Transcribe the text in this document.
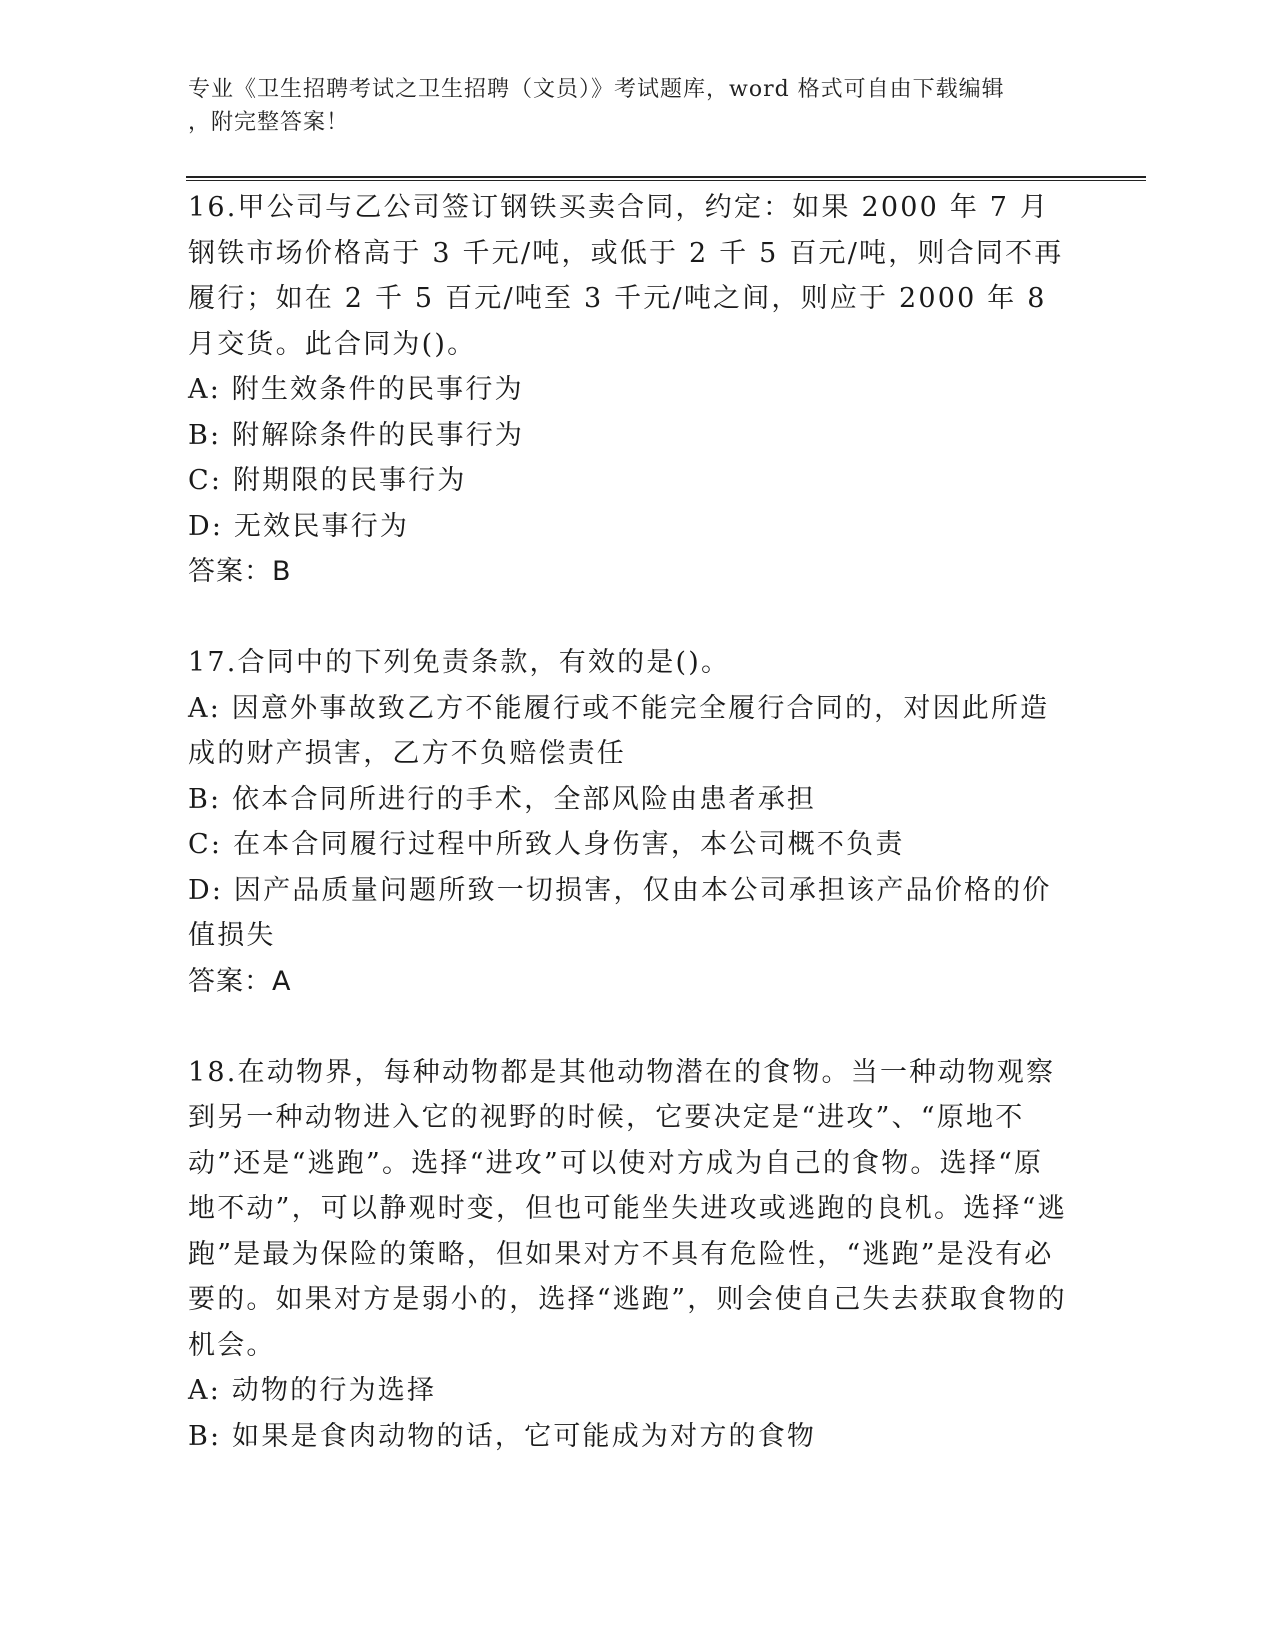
专业《卫生招聘考试之卫生招聘（文员）》考试题库，word 格式可自由下载编辑
，附完整答案！

16.甲公司与乙公司签订钢铁买卖合同，约定：如果 2000 年 7 月钢铁市场价格高于 3 千元/吨，或低于 2 千 5 百元/吨，则合同不再履行；如在 2 千 5 百元/吨至 3 千元/吨之间，则应于 2000 年 8 月交货。此合同为()。

A: 附生效条件的民事行为

B: 附解除条件的民事行为

C: 附期限的民事行为

D: 无效民事行为

答案：B

17.合同中的下列免责条款，有效的是()。

A: 因意外事故致乙方不能履行或不能完全履行合同的，对因此所造成的财产损害，乙方不负赔偿责任

B: 依本合同所进行的手术，全部风险由患者承担

C: 在本合同履行过程中所致人身伤害，本公司概不负责

D: 因产品质量问题所致一切损害，仅由本公司承担该产品价格的价值损失

答案：A

18.在动物界，每种动物都是其他动物潜在的食物。当一种动物观察到另一种动物进入它的视野的时候，它要决定是“进攻”、“原地不动”还是“逃跑”。选择“进攻”可以使对方成为自己的食物。选择“原地不动”，可以静观时变，但也可能坐失进攻或逃跑的良机。选择“逃跑”是最为保险的策略，但如果对方不具有危险性，“逃跑”是没有必要的。如果对方是弱小的，选择“逃跑”，则会使自己失去获取食物的机会。

A: 动物的行为选择

B: 如果是食肉动物的话，它可能成为对方的食物
